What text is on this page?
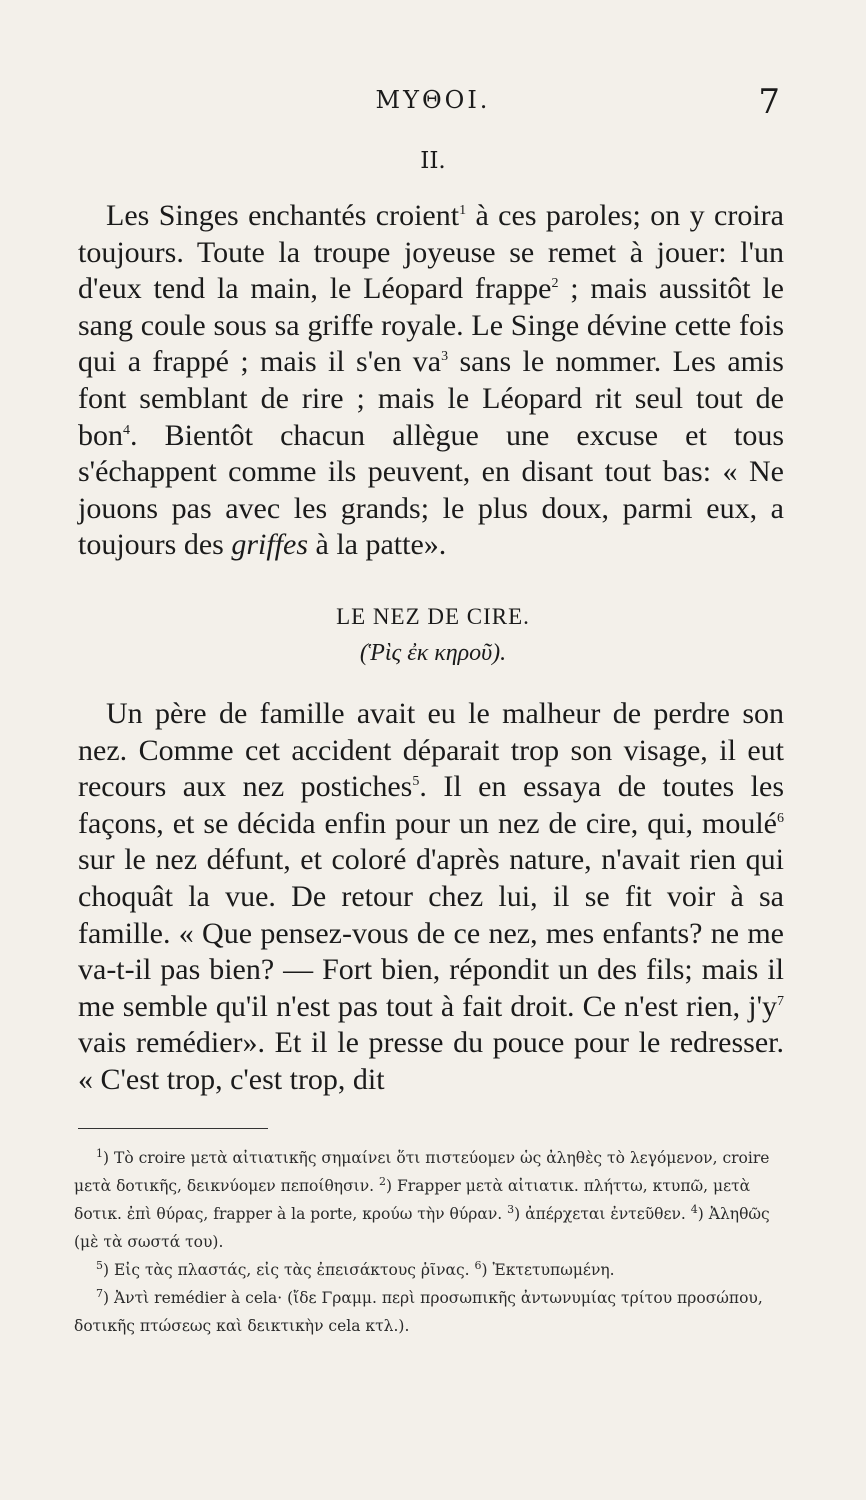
ΜΥΘΟΙ.	7
II.

Les Singes enchantés croient$^1$ à ces paroles; on y croira toujours. Toute la troupe joyeuse se remet à jouer: l'un d'eux tend la main, le Léopard frappe$^2$ ; mais aussitôt le sang coule sous sa griffe royale. Le Singe dévine cette fois qui a frappé ; mais il s'en $va^3$ sans le nommer. Les amis font semblant de rire ; mais le Léopard rit seul tout de bon$^4$. Bientôt chacun allègue une excuse et tous s'échappent comme ils peuvent, en disant tout bas: « Ne jouons pas avec les grands; le plus doux, parmi eux, a toujours des griffes à la patte».

LE NEZ DE CIRE.
(Ῥὶς ἐκ κηροῦ).

Un père de famille avait eu le malheur de perdre son nez. Comme cet accident déparait trop son visage, il eut recours aux nez postiches$^5$. Il en essaya de toutes les façons, et se décida enfin pour un nez de cire, qui, moulé$^6$ sur le nez défunt, et coloré d'après nature, n'avait rien qui choquât la vue. De retour chez lui, il se fit voir à sa famille. « Que pensez-vous de ce nez, mes enfants? ne me va-t-il pas bien? — Fort bien, répondit un des fils; mais il me semble qu'il n'est pas tout à fait droit. Ce n'est rien, $j'y^7$ vais remédier». Et il le presse du pouce pour le redresser. « C'est trop, c'est trop, dit

$^1$) Τὸ croire μετὰ αἰτιατικῆς σημαίνει ὅτι πιστεύομεν ὡς ἀληθὲς τὸ λεγόμενον, croire μετὰ δοτικῆς, δεικνύομεν πεποίθησιν. $^2$) Frapper μετὰ αἰτιατικ. πλήττω, κτυπῶ, μετὰ δοτικ. ἐπὶ θύρας, frapper à la porte, κρούω τὴν θύραν. $^3$) ἀπέρχεται ἐντεῦθεν. $^4$) Ἀληθῶς (μὲ τὰ σωστά του).

$^5$) Εἰς τὰς πλαστάς, εἰς τὰς ἐπεισάκτους ῥῖνας. $^6$) Ἐκτετυπωμένη.

$^7$) Ἀντὶ remédier à cela· (ἴδε Γραμμ. περὶ προσωπικῆς ἀντωνυμίας τρίτου προσώπου, δοτικῆς πτώσεως καὶ δεικτικὴν cela κτλ.).
